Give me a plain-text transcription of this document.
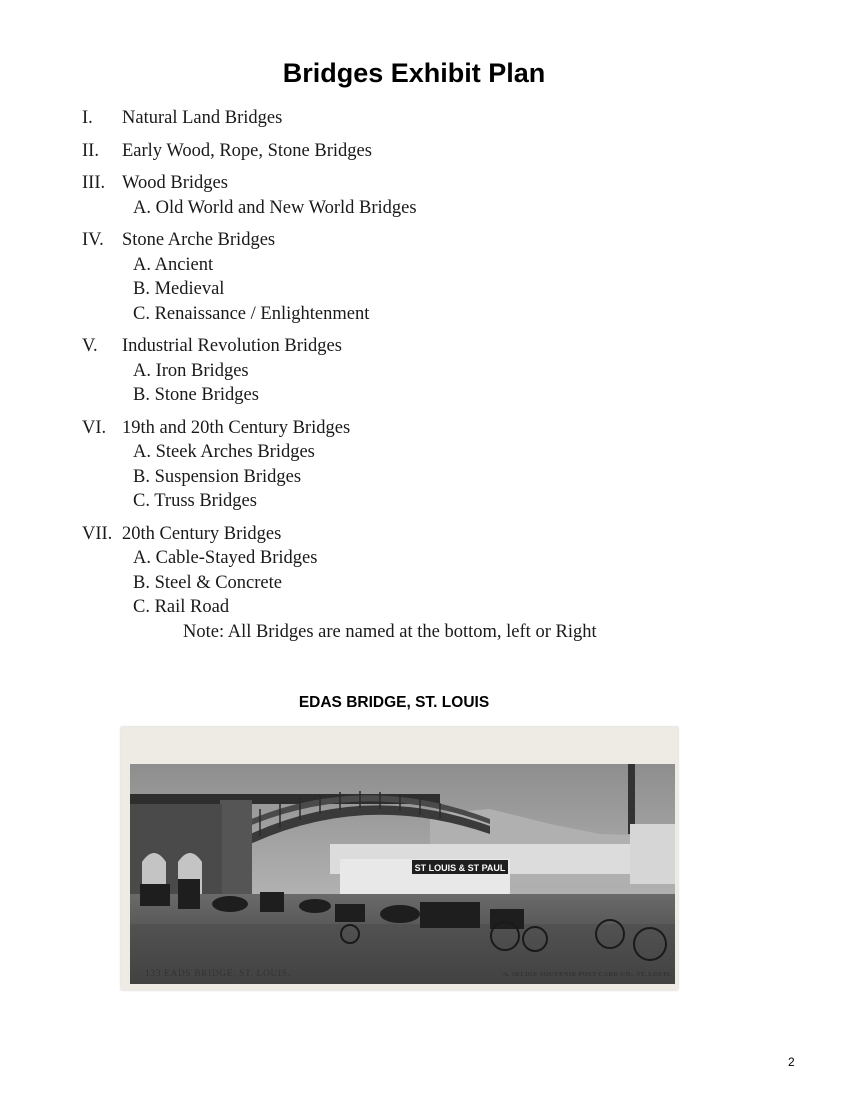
Bridges Exhibit Plan
I. Natural Land Bridges
II. Early Wood, Rope, Stone Bridges
III. Wood Bridges
A. Old World and New World Bridges
IV. Stone Arche Bridges
A. Ancient
B. Medieval
C. Renaissance / Enlightenment
V. Industrial Revolution Bridges
A. Iron Bridges
B. Stone Bridges
VI. 19th and 20th Century Bridges
A. Steek Arches Bridges
B. Suspension Bridges
C. Truss Bridges
VII. 20th Century Bridges
A. Cable-Stayed Bridges
B. Steel & Concrete
C. Rail Road
Note: All Bridges are named at the bottom, left or Right
EDAS BRIDGE, ST. LOUIS
ST LOUIS & ST PAUL
133 EADS BRIDGE, ST. LOUIS.	A. SELIGE SOUVENIR POST CARD CO., ST. LOUIS.
2
